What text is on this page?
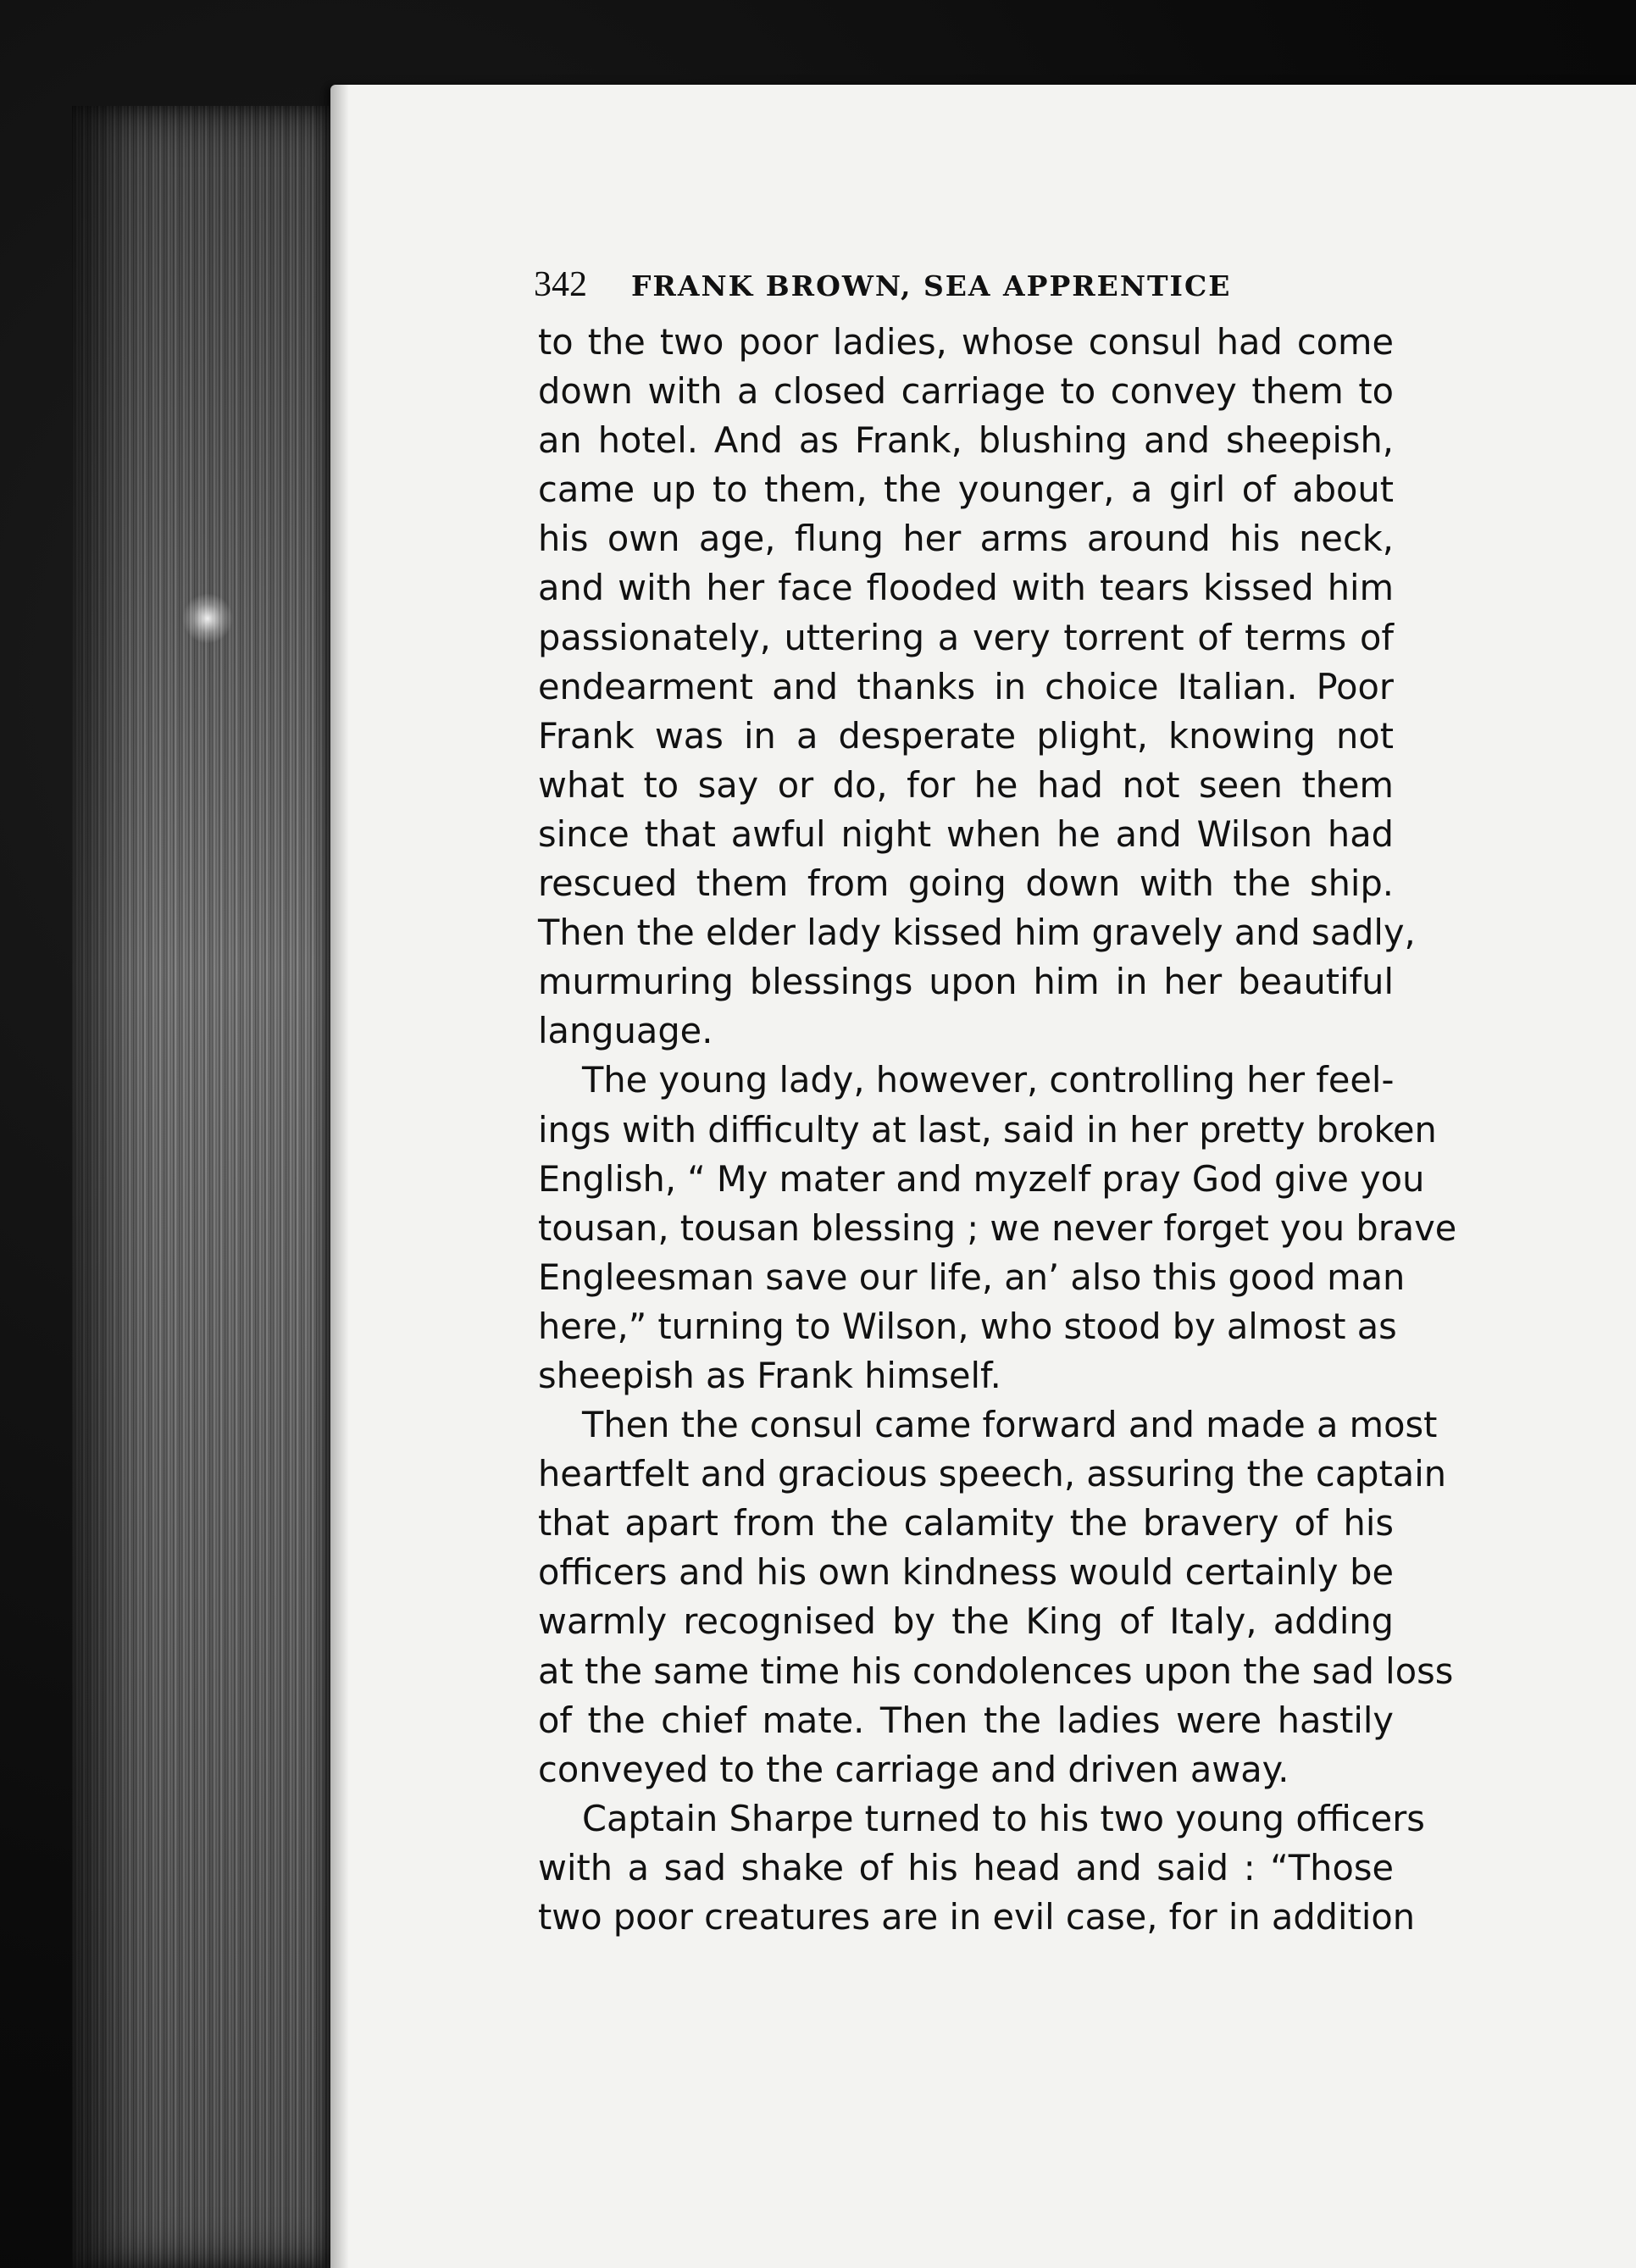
342 FRANK BROWN, SEA APPRENTICE
to the two poor ladies, whose consul had come
down with a closed carriage to convey them to
an hotel. And as Frank, blushing and sheepish,
came up to them, the younger, a girl of about
his own age, flung her arms around his neck,
and with her face flooded with tears kissed him
passionately, uttering a very torrent of terms of
endearment and thanks in choice Italian. Poor
Frank was in a desperate plight, knowing not
what to say or do, for he had not seen them
since that awful night when he and Wilson had
rescued them from going down with the ship.
Then the elder lady kissed him gravely and sadly,
murmuring blessings upon him in her beautiful
language.
The young lady, however, controlling her feel-
ings with difficulty at last, said in her pretty broken
English, “ My mater and myzelf pray God give you
tousan, tousan blessing ; we never forget you brave
Engleesman save our life, an’ also this good man
here,” turning to Wilson, who stood by almost as
sheepish as Frank himself.
Then the consul came forward and made a most
heartfelt and gracious speech, assuring the captain
that apart from the calamity the bravery of his
officers and his own kindness would certainly be
warmly recognised by the King of Italy, adding
at the same time his condolences upon the sad loss
of the chief mate. Then the ladies were hastily
conveyed to the carriage and driven away.
Captain Sharpe turned to his two young officers
with a sad shake of his head and said : “Those
two poor creatures are in evil case, for in addition
